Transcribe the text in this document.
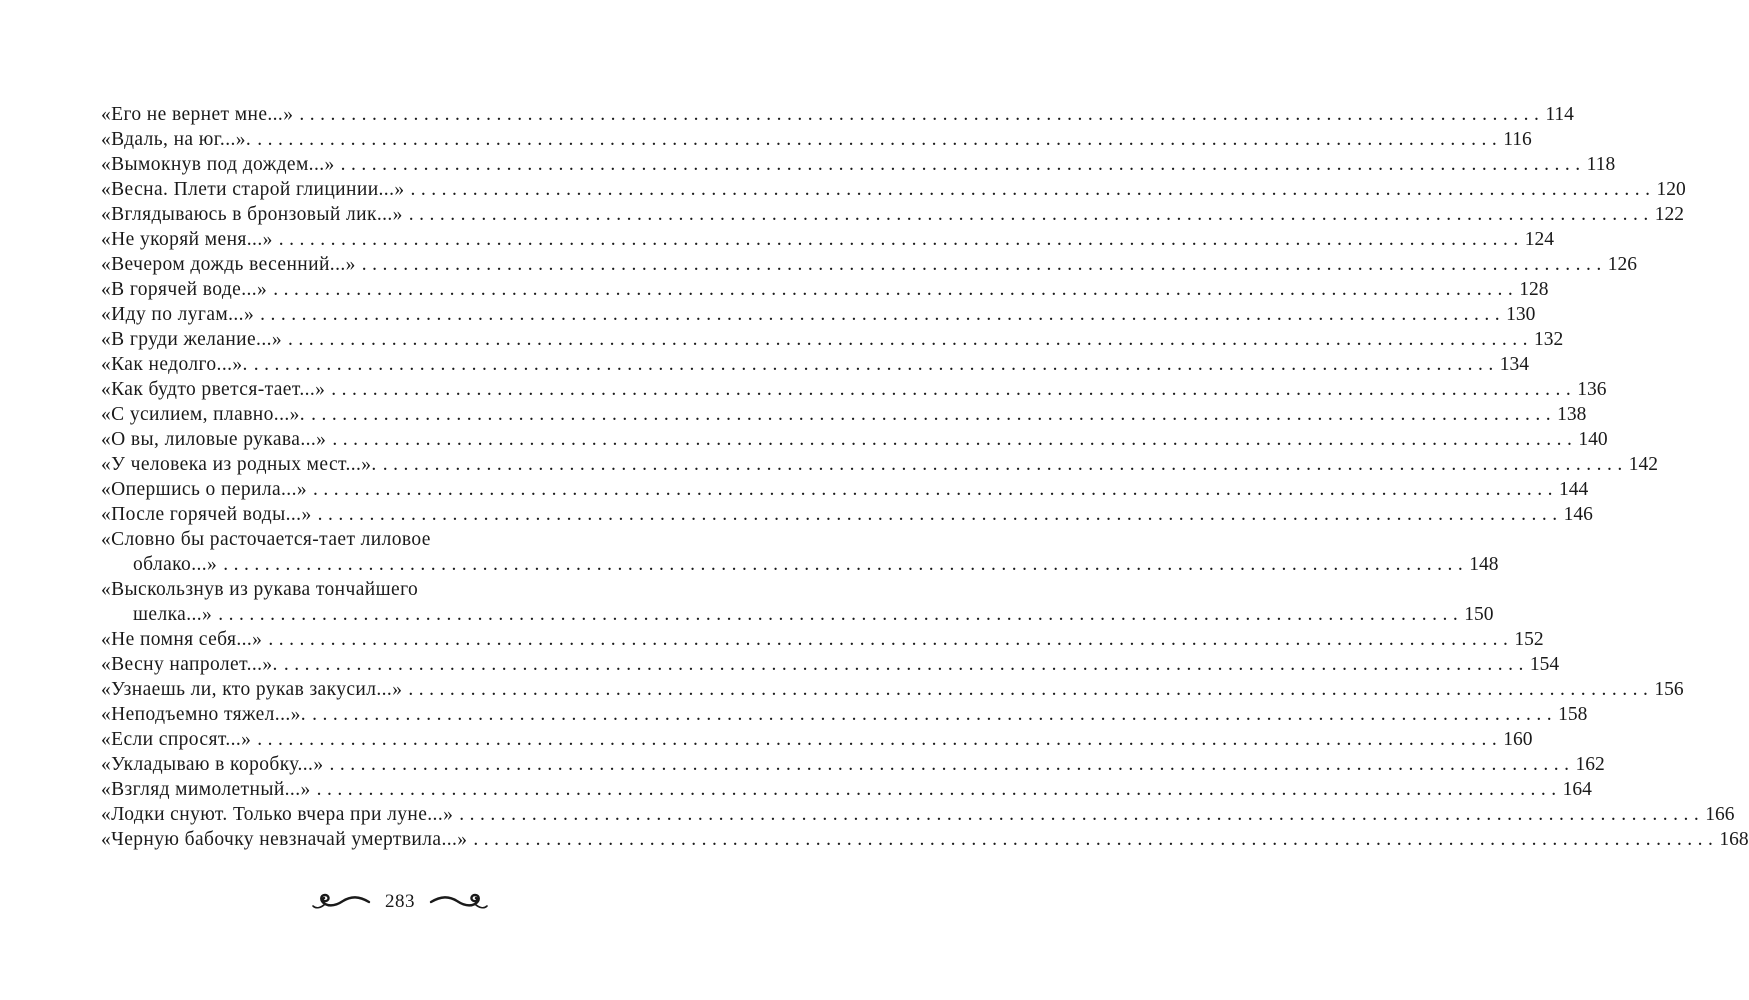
«Его не вернет мне...» ........................................................................................................................ 114
«Вдаль, на юг...». ........................................................................................................................ 116
«Вымокнув под дождем...» ........................................................................................................................ 118
«Весна. Плети старой глицинии...» ........................................................................................................................ 120
«Вглядываюсь в бронзовый лик...» ........................................................................................................................ 122
«Не укоряй меня...» ........................................................................................................................ 124
«Вечером дождь весенний...» ........................................................................................................................ 126
«В горячей воде...» ........................................................................................................................ 128
«Иду по лугам...» ........................................................................................................................ 130
«В груди желание...» ........................................................................................................................ 132
«Как недолго...». ........................................................................................................................ 134
«Как будто рвется-тает...» ........................................................................................................................ 136
«С усилием, плавно...». ........................................................................................................................ 138
«О вы, лиловые рукава...» ........................................................................................................................ 140
«У человека из родных мест...». ........................................................................................................................ 142
«Опершись о перила...» ........................................................................................................................ 144
«После горячей воды...» ........................................................................................................................ 146
«Словно бы расточается-тает лиловое
облако...» ........................................................................................................................ 148
«Выскользнув из рукава тончайшего
шелка...» ........................................................................................................................ 150
«Не помня себя...» ........................................................................................................................ 152
«Весну напролет...». ........................................................................................................................ 154
«Узнаешь ли, кто рукав закусил...» ........................................................................................................................ 156
«Неподъемно тяжел...». ........................................................................................................................ 158
«Если спросят...» ........................................................................................................................ 160
«Укладываю в коробку...» ........................................................................................................................ 162
«Взгляд мимолетный...» ........................................................................................................................ 164
«Лодки снуют. Только вчера при луне...» ........................................................................................................................ 166
«Черную бабочку невзначай умертвила...» ........................................................................................................................ 168
283
